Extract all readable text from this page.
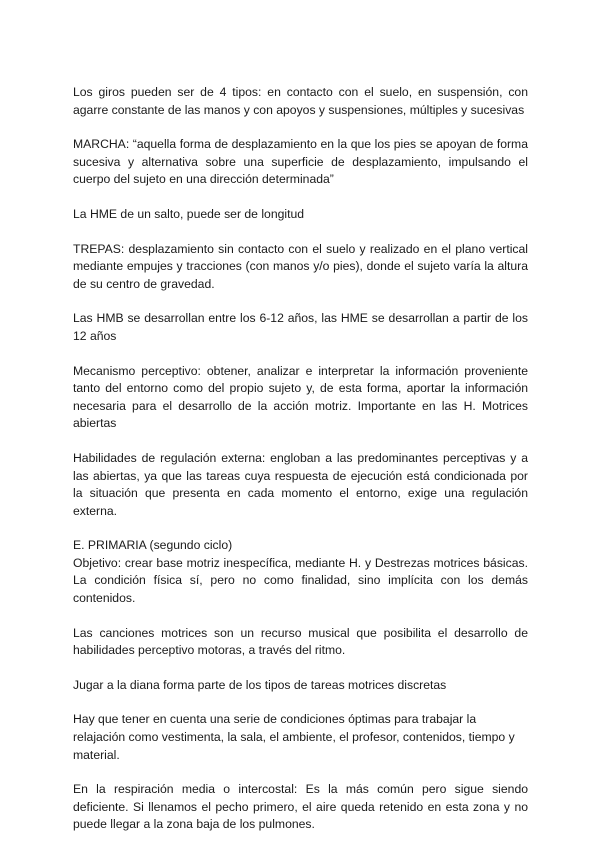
Los giros pueden ser de 4 tipos: en contacto con el suelo, en suspensión, con agarre constante de las manos y con apoyos y suspensiones, múltiples y sucesivas

MARCHA: “aquella forma de desplazamiento en la que los pies se apoyan de forma sucesiva y alternativa sobre una superficie de desplazamiento, impulsando el cuerpo del sujeto en una dirección determinada”

La HME de un salto, puede ser de longitud

TREPAS: desplazamiento sin contacto con el suelo y realizado en el plano vertical mediante empujes y tracciones (con manos y/o pies), donde el sujeto varía la altura de su centro de gravedad.

Las HMB se desarrollan entre los 6-12 años, las HME se desarrollan a partir de los 12 años

Mecanismo perceptivo: obtener, analizar e interpretar la información proveniente tanto del entorno como del propio sujeto y, de esta forma, aportar la información necesaria para el desarrollo de la acción motriz. Importante en las H. Motrices abiertas

Habilidades de regulación externa: engloban a las predominantes perceptivas y a las abiertas, ya que las tareas cuya respuesta de ejecución está condicionada por la situación que presenta en cada momento el entorno, exige una regulación externa.

E. PRIMARIA (segundo ciclo)

Objetivo: crear base motriz inespecífica, mediante H. y Destrezas motrices básicas. La condición física sí, pero no como finalidad, sino implícita con los demás contenidos.

Las canciones motrices son un recurso musical que posibilita el desarrollo de habilidades perceptivo motoras, a través del ritmo.

Jugar a la diana forma parte de los tipos de tareas motrices discretas

Hay que tener en cuenta una serie de condiciones óptimas para trabajar la relajación como vestimenta, la sala, el ambiente, el profesor, contenidos, tiempo y material.

En la respiración media o intercostal: Es la más común pero sigue siendo deficiente. Si llenamos el pecho primero, el aire queda retenido en esta zona y no puede llegar a la zona baja de los pulmones.
